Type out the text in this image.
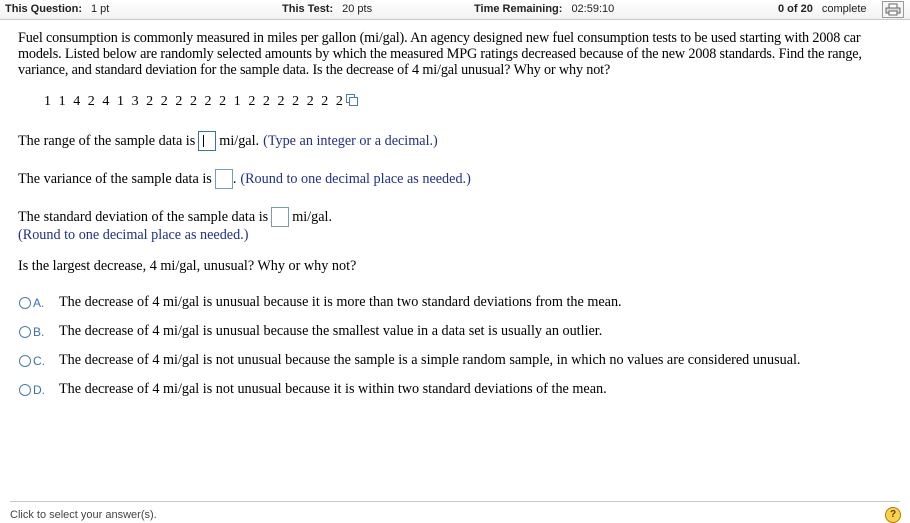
This Question: 1 pt	This Test: 20 pts	Time Remaining: 02:59:10	0 of 20 complete
Fuel consumption is commonly measured in miles per gallon (mi/gal). An agency designed new fuel consumption tests to be used starting with 2008 car models. Listed below are randomly selected amounts by which the measured MPG ratings decreased because of the new 2008 standards. Find the range, variance, and standard deviation for the sample data. Is the decrease of 4 mi/gal unusual? Why or why not?
1 1 4 2 4 1 3 2 2 2 2 2 2 1 2 2 2 2 2 2 2
The range of the sample data is mi/gal. (Type an integer or a decimal.)
The variance of the sample data is . (Round to one decimal place as needed.)
The standard deviation of the sample data is mi/gal.
(Round to one decimal place as needed.)
Is the largest decrease, 4 mi/gal, unusual? Why or why not?
A.	The decrease of 4 mi/gal is unusual because it is more than two standard deviations from the mean.
B.	The decrease of 4 mi/gal is unusual because the smallest value in a data set is usually an outlier.
C. The decrease of 4 mi/gal is not unusual because the sample is a simple random sample, in which no values are considered unusual.
D. The decrease of 4 mi/gal is not unusual because it is within two standard deviations of the mean.
Click to select your answer(s).	?
